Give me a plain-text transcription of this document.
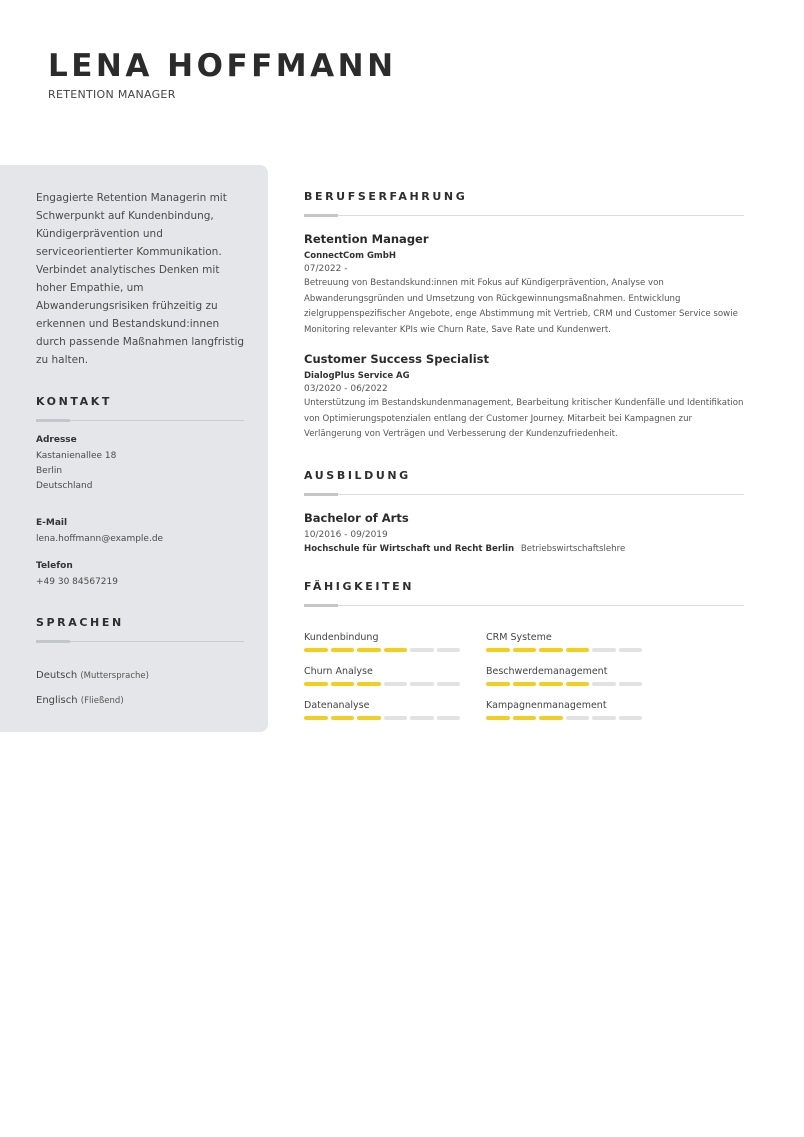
LENA HOFFMANN
RETENTION MANAGER

Engagierte Retention Managerin mit Schwerpunkt auf Kundenbindung, Kündigerprävention und serviceorientierter Kommunikation. Verbindet analytisches Denken mit hoher Empathie, um Abwanderungsrisiken frühzeitig zu erkennen und Bestandskund:innen durch passende Maßnahmen langfristig zu halten.

KONTAKT
Adresse
Kastanienallee 18
Berlin
Deutschland
E-Mail
lena.hoffmann@example.de
Telefon
+49 30 84567219
SPRACHEN
Deutsch (Muttersprache)
Englisch (Fließend)
BERUFSERFAHRUNG
Retention Manager
ConnectCom GmbH
07/2022 -
Betreuung von Bestandskund:innen mit Fokus auf Kündigerprävention, Analyse von Abwanderungsgründen und Umsetzung von Rückgewinnungsmaßnahmen. Entwicklung zielgruppenspezifischer Angebote, enge Abstimmung mit Vertrieb, CRM und Customer Service sowie Monitoring relevanter KPIs wie Churn Rate, Save Rate und Kundenwert.
Customer Success Specialist
DialogPlus Service AG
03/2020 - 06/2022
Unterstützung im Bestandskundenmanagement, Bearbeitung kritischer Kundenfälle und Identifikation von Optimierungspotenzialen entlang der Customer Journey. Mitarbeit bei Kampagnen zur Verlängerung von Verträgen und Verbesserung der Kundenzufriedenheit.
AUSBILDUNG
Bachelor of Arts
10/2016 - 09/2019
Hochschule für Wirtschaft und Recht Berlin Betriebswirtschaftslehre
FÄHIGKEITEN
Kundenbindung	CRM Systeme
Churn Analyse	Beschwerdemanagement
Datenanalyse	Kampagnenmanagement
